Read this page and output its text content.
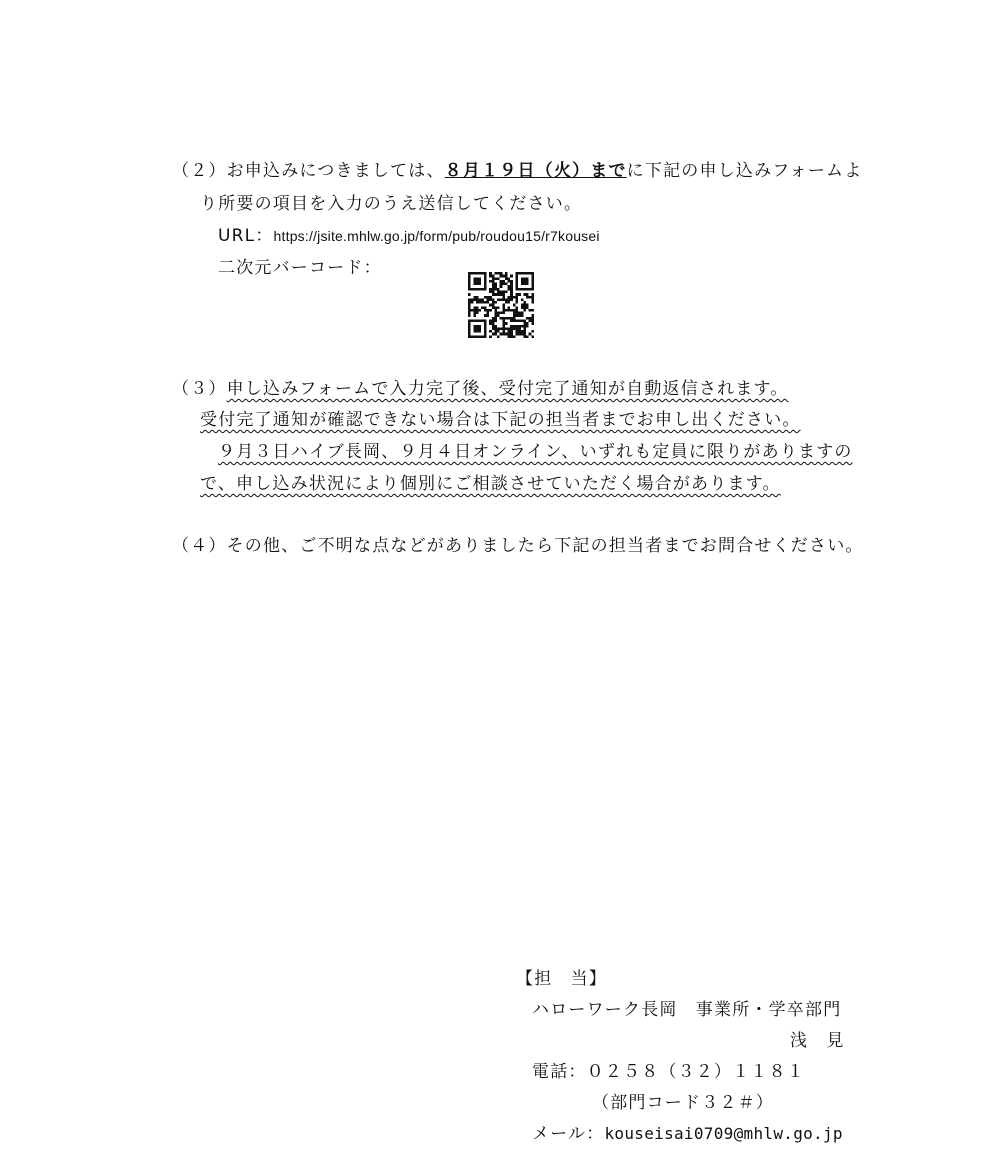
（２）お申込みにつきましては、８月１９日（火）までに下記の申し込みフォームよ
り所要の項目を入力のうえ送信してください。
URL：https://jsite.mhlw.go.jp/form/pub/roudou15/r7kousei
二次元バーコード：
（３）申し込みフォームで入力完了後、受付完了通知が自動返信されます。
受付完了通知が確認できない場合は下記の担当者までお申し出ください。
９月３日ハイブ長岡、９月４日オンライン、いずれも定員に限りがありますの
で、申し込み状況により個別にご相談させていただく場合があります。
（４）その他、ご不明な点などがありましたら下記の担当者までお問合せください。
【担　当】
ハローワーク長岡　事業所・学卒部門
浅　見
電話：０２５８（３２）１１８１
（部門コード３２＃）
メール：kouseisai0709@mhlw.go.jp
